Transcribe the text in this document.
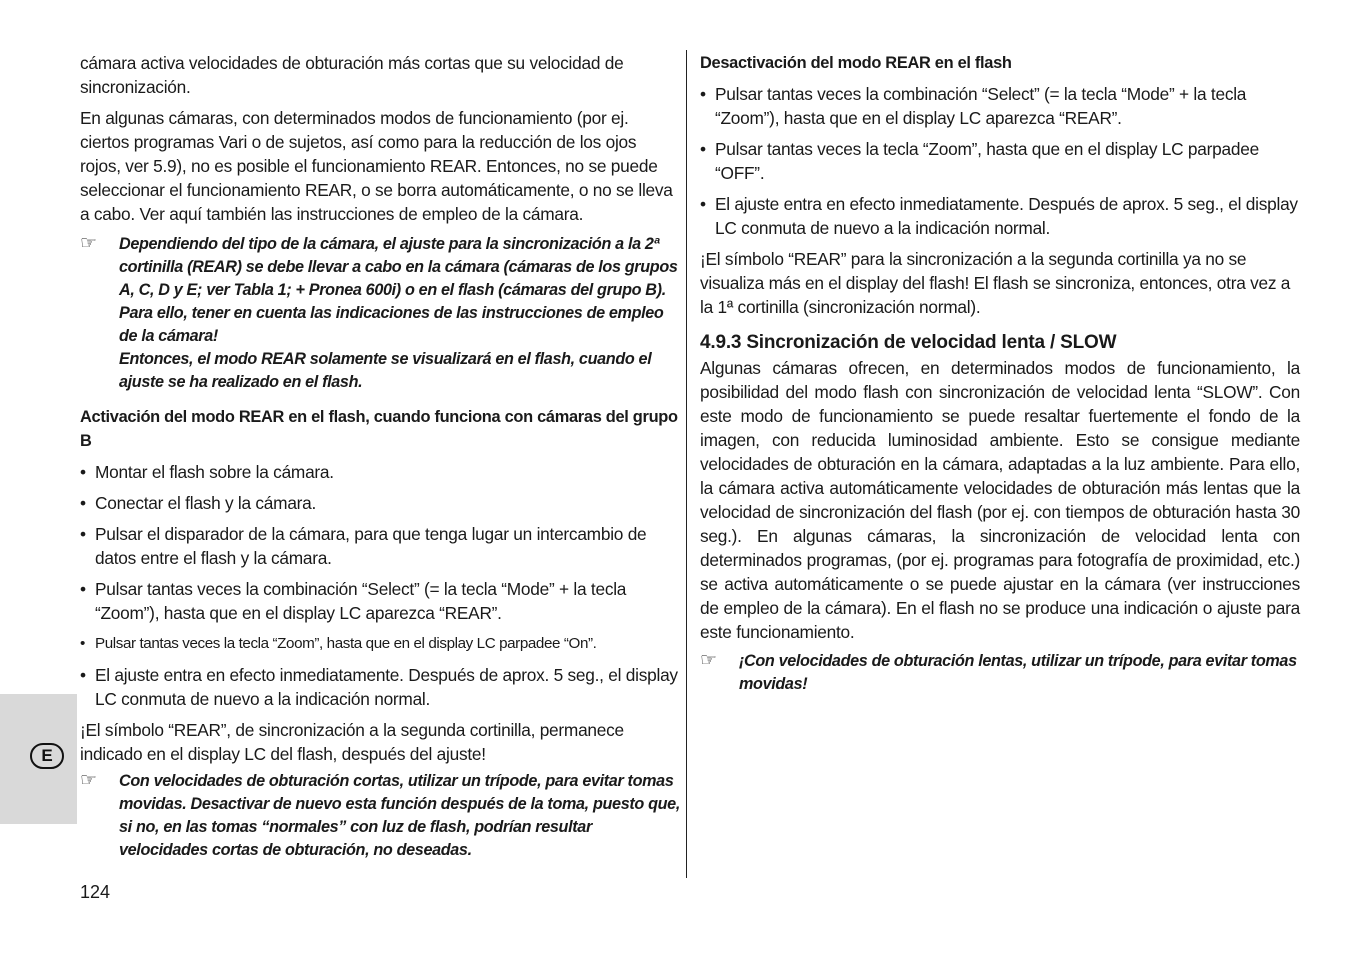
E

cámara activa velocidades de obturación más cortas que su velocidad de sincronización.

En algunas cámaras, con determinados modos de funcionamiento (por ej. ciertos programas Vari o de sujetos, así como para la reducción de los ojos rojos, ver 5.9), no es posible el funcionamiento REAR. Entonces, no se puede seleccionar el funcionamiento REAR, o se borra automáticamente, o no se lleva a cabo. Ver aquí también las instrucciones de empleo de la cámara.

☞ Dependiendo del tipo de la cámara, el ajuste para la sincronización a la 2ª cortinilla (REAR) se debe llevar a cabo en la cámara (cámaras de los grupos A, C, D y E; ver Tabla 1; + Pronea 600i) o en el flash (cámaras del grupo B). Para ello, tener en cuenta las indicaciones de las instrucciones de empleo de la cámara!
Entonces, el modo REAR solamente se visualizará en el flash, cuando el ajuste se ha realizado en el flash.

Activación del modo REAR en el flash, cuando funciona con cámaras del grupo B

• Montar el flash sobre la cámara.

• Conectar el flash y la cámara.

• Pulsar el disparador de la cámara, para que tenga lugar un intercambio de datos entre el flash y la cámara.

• Pulsar tantas veces la combinación “Select” (= la tecla “Mode” + la tecla “Zoom”), hasta que en el display LC aparezca “REAR”.

• Pulsar tantas veces la tecla “Zoom”, hasta que en el display LC parpadee “On”.

• El ajuste entra en efecto inmediatamente. Después de aprox. 5 seg., el display LC conmuta de nuevo a la indicación normal.

¡El símbolo “REAR”, de sincronización a la segunda cortinilla, permanece indicado en el display LC del flash, después del ajuste!

☞ Con velocidades de obturación cortas, utilizar un trípode, para evitar tomas movidas. Desactivar de nuevo esta función después de la toma, puesto que, si no, en las tomas “normales” con luz de flash, podrían resultar velocidades cortas de obturación, no deseadas.

Desactivación del modo REAR en el flash

• Pulsar tantas veces la combinación “Select” (= la tecla “Mode” + la tecla “Zoom”), hasta que en el display LC aparezca “REAR”.

• Pulsar tantas veces la tecla “Zoom”, hasta que en el display LC parpadee “OFF”.

• El ajuste entra en efecto inmediatamente. Después de aprox. 5 seg., el display LC conmuta de nuevo a la indicación normal.

¡El símbolo “REAR” para la sincronización a la segunda cortinilla ya no se visualiza más en el display del flash! El flash se sincroniza, entonces, otra vez a la 1ª cortinilla (sincronización normal).

4.9.3 Sincronización de velocidad lenta / SLOW

Algunas cámaras ofrecen, en determinados modos de funcionamiento, la posibilidad del modo flash con sincronización de velocidad lenta “SLOW”. Con este modo de funcionamiento se puede resaltar fuertemente el fondo de la imagen, con reducida luminosidad ambiente. Esto se consigue mediante velocidades de obturación en la cámara, adaptadas a la luz ambiente. Para ello, la cámara activa automáticamente velocidades de obturación más lentas que la velocidad de sincronización del flash (por ej. con tiempos de obturación hasta 30 seg.). En algunas cámaras, la sincronización de velocidad lenta con determinados programas, (por ej. programas para fotografía de proximidad, etc.) se activa automáticamente o se puede ajustar en la cámara (ver instrucciones de empleo de la cámara). En el flash no se produce una indicación o ajuste para este funcionamiento.

☞ ¡Con velocidades de obturación lentas, utilizar un trípode, para evitar tomas movidas!
124
